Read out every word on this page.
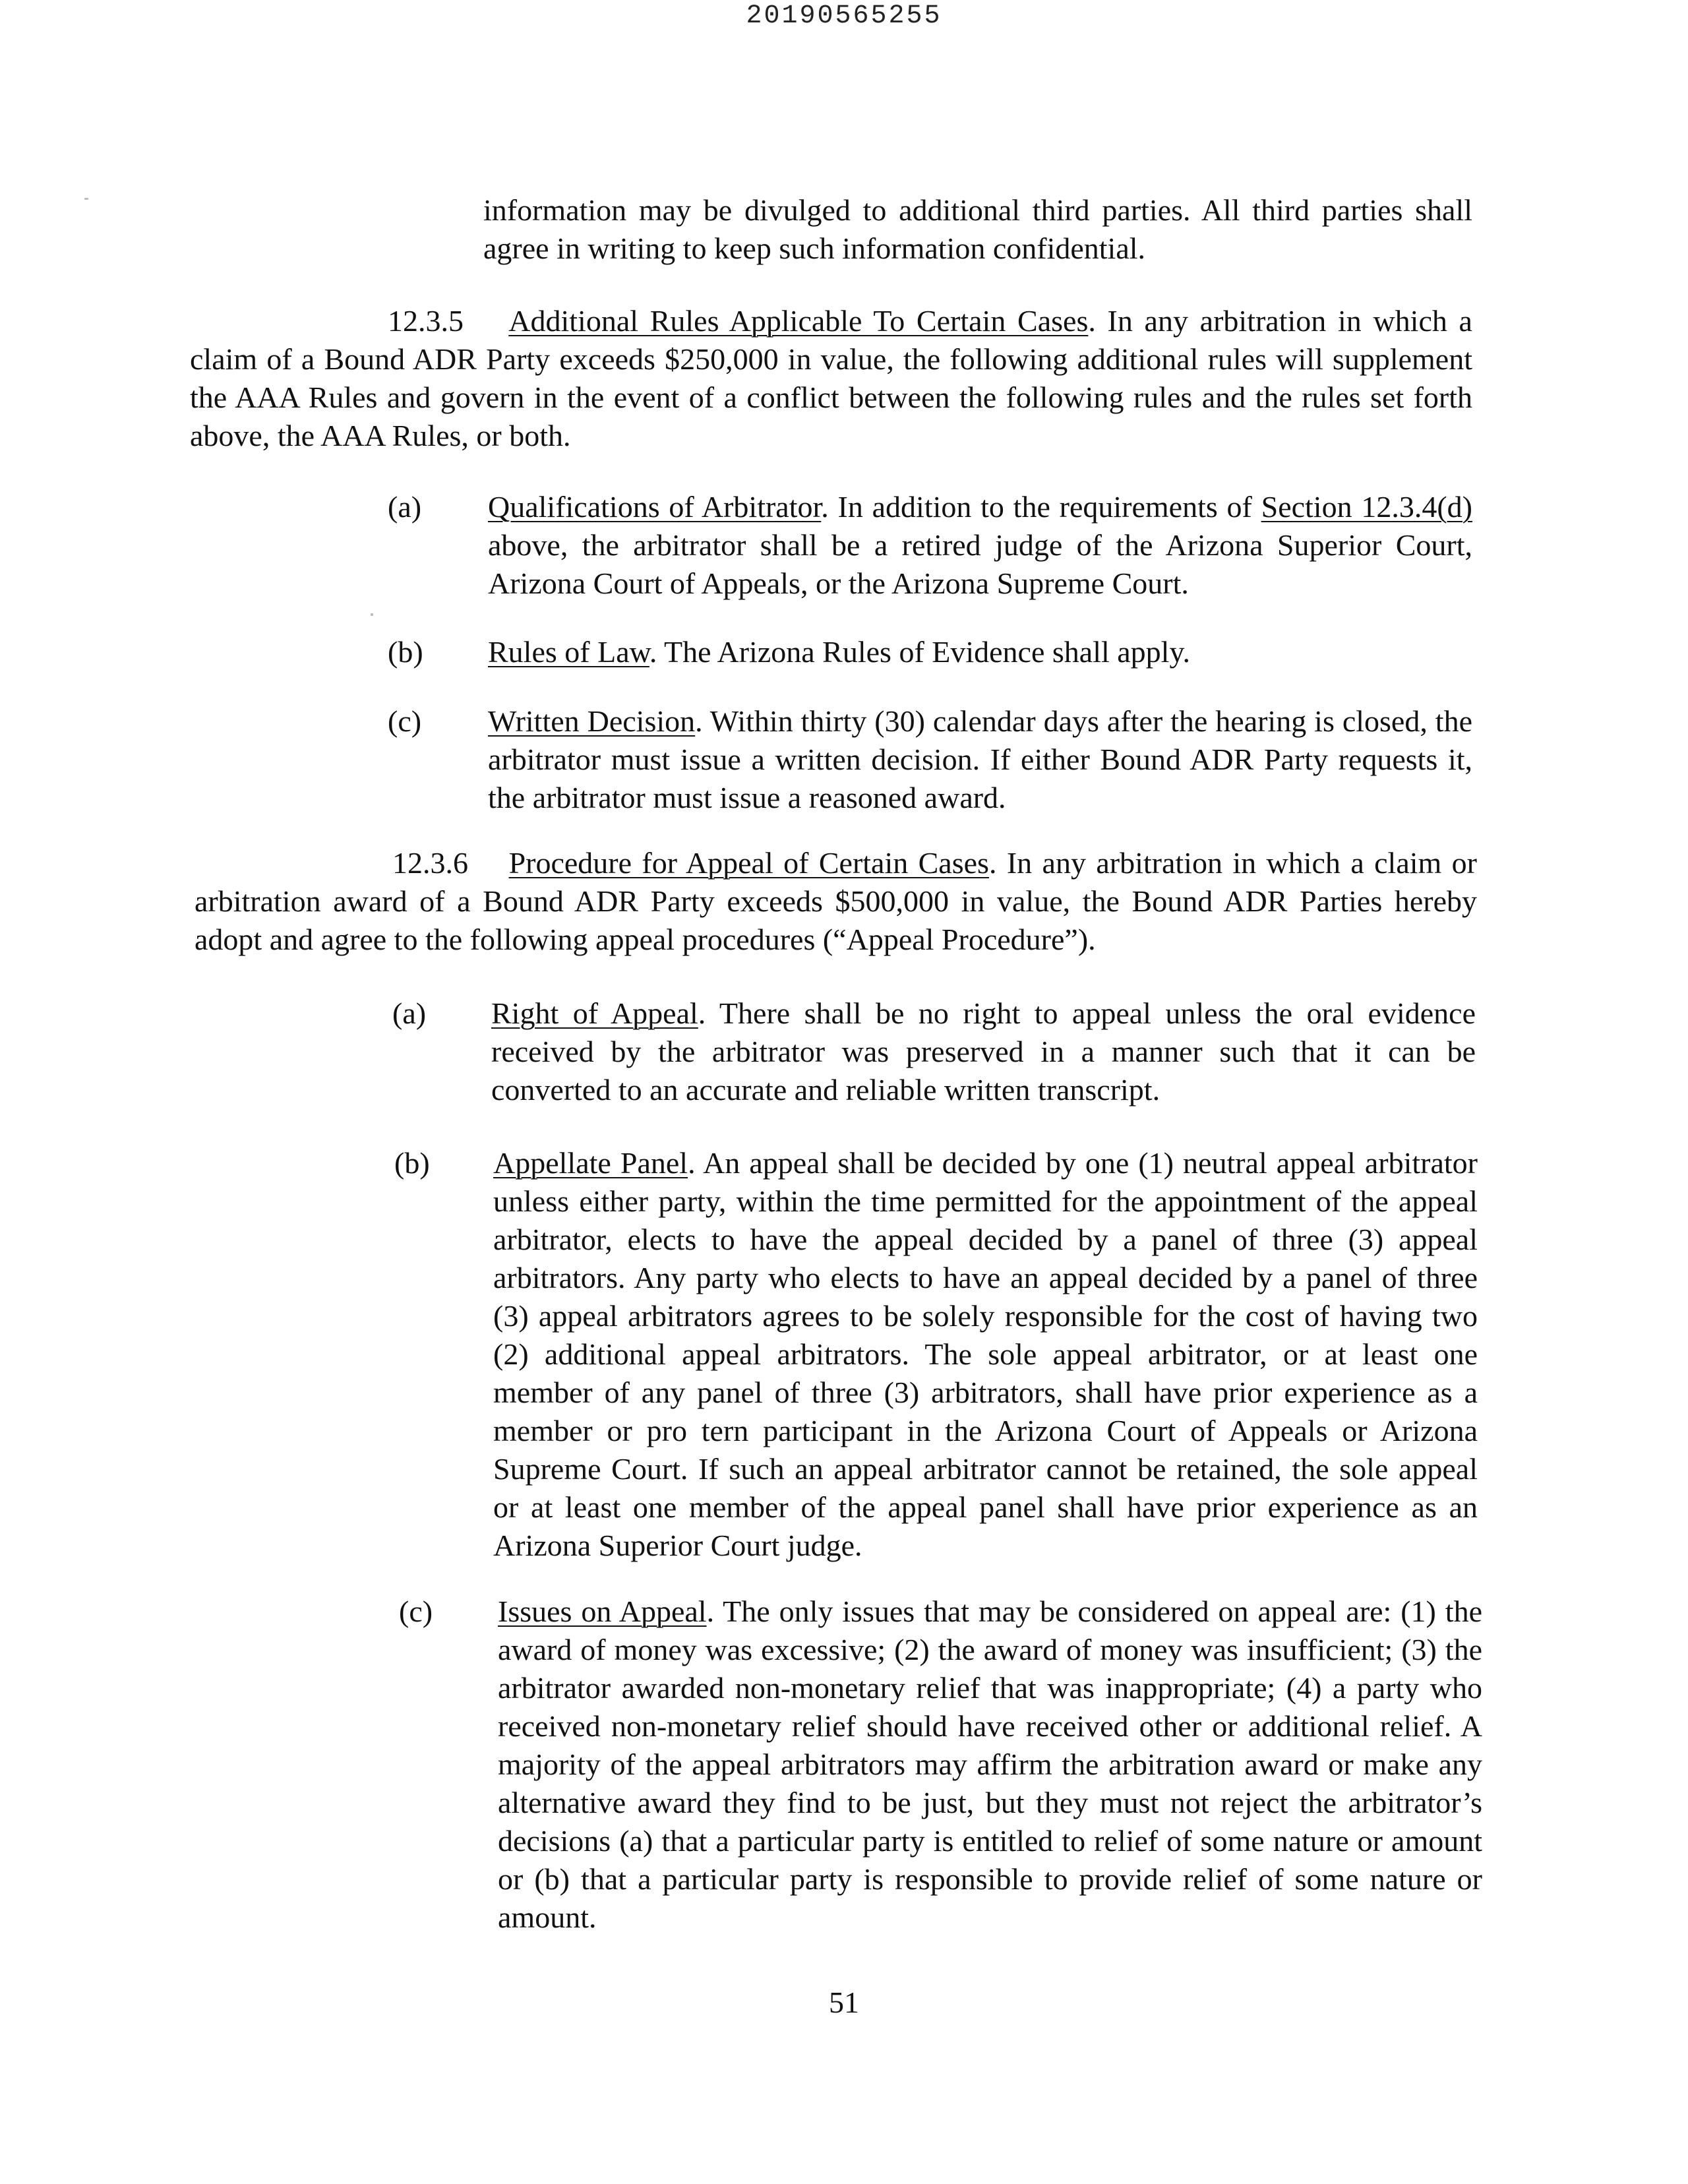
20190565255

information may be divulged to additional third parties. All third parties shall agree in writing to keep such information confidential.

12.3.5 Additional Rules Applicable To Certain Cases. In any arbitration in which a claim of a Bound ADR Party exceeds $250,000 in value, the following additional rules will supplement the AAA Rules and govern in the event of a conflict between the following rules and the rules set forth above, the AAA Rules, or both.

(a) Qualifications of Arbitrator. In addition to the requirements of Section 12.3.4(d) above, the arbitrator shall be a retired judge of the Arizona Superior Court, Arizona Court of Appeals, or the Arizona Supreme Court.

(b) Rules of Law. The Arizona Rules of Evidence shall apply.

(c) Written Decision. Within thirty (30) calendar days after the hearing is closed, the arbitrator must issue a written decision. If either Bound ADR Party requests it, the arbitrator must issue a reasoned award.

12.3.6 Procedure for Appeal of Certain Cases. In any arbitration in which a claim or arbitration award of a Bound ADR Party exceeds $500,000 in value, the Bound ADR Parties hereby adopt and agree to the following appeal procedures (“Appeal Procedure”).

(a) Right of Appeal. There shall be no right to appeal unless the oral evidence received by the arbitrator was preserved in a manner such that it can be converted to an accurate and reliable written transcript.

(b) Appellate Panel. An appeal shall be decided by one (1) neutral appeal arbitrator unless either party, within the time permitted for the appointment of the appeal arbitrator, elects to have the appeal decided by a panel of three (3) appeal arbitrators. Any party who elects to have an appeal decided by a panel of three (3) appeal arbitrators agrees to be solely responsible for the cost of having two (2) additional appeal arbitrators. The sole appeal arbitrator, or at least one member of any panel of three (3) arbitrators, shall have prior experience as a member or pro tern participant in the Arizona Court of Appeals or Arizona Supreme Court. If such an appeal arbitrator cannot be retained, the sole appeal or at least one member of the appeal panel shall have prior experience as an Arizona Superior Court judge.

(c) Issues on Appeal. The only issues that may be considered on appeal are: (1) the award of money was excessive; (2) the award of money was insufficient; (3) the arbitrator awarded non-monetary relief that was inappropriate; (4) a party who received non-monetary relief should have received other or additional relief. A majority of the appeal arbitrators may affirm the arbitration award or make any alternative award they find to be just, but they must not reject the arbitrator’s decisions (a) that a particular party is entitled to relief of some nature or amount or (b) that a particular party is responsible to provide relief of some nature or amount.

51
